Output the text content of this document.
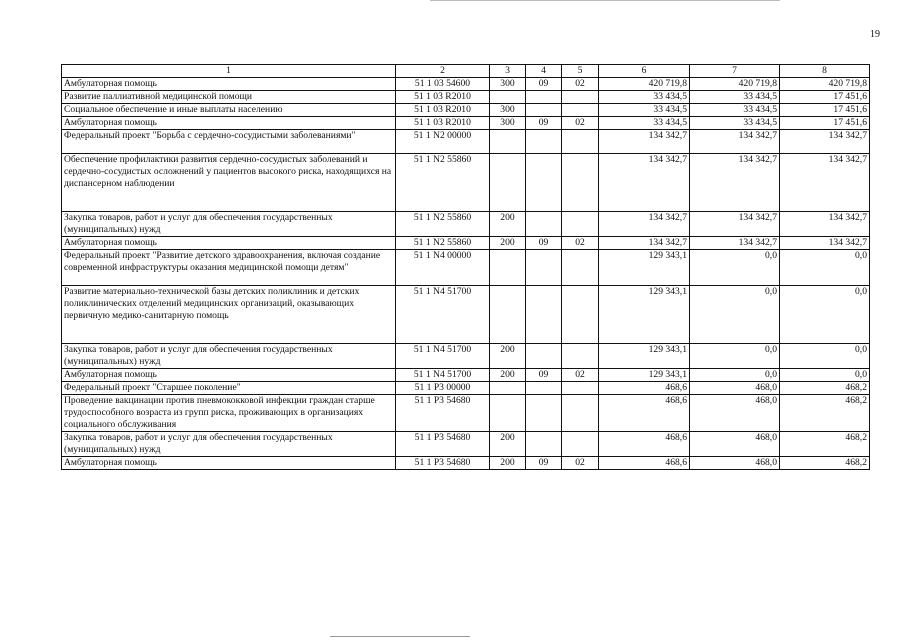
19
1	2	3	4	5	6	7	8
Амбулаторная помощь	51 1 03 54600	300	09	02	420 719,8	420 719,8	420 719,8
Развитие паллиативной медицинской помощи	51 1 03 R2010				33 434,5	33 434,5	17 451,6
Социальное обеспечение и иные выплаты населению	51 1 03 R2010	300			33 434,5	33 434,5	17 451,6
Амбулаторная помощь	51 1 03 R2010	300	09	02	33 434,5	33 434,5	17 451,6
Федеральный проект "Борьба с сердечно-сосудистыми заболеваниями"	51 1 N2 00000				134 342,7	134 342,7	134 342,7
Обеспечение профилактики развития сердечно-сосудистых заболеваний и сердечно-сосудистых осложнений у пациентов высокого риска, находящихся на диспансерном наблюдении	51 1 N2 55860				134 342,7	134 342,7	134 342,7
Закупка товаров, работ и услуг для обеспечения государственных (муниципальных) нужд	51 1 N2 55860	200			134 342,7	134 342,7	134 342,7
Амбулаторная помощь	51 1 N2 55860	200	09	02	134 342,7	134 342,7	134 342,7
Федеральный проект "Развитие детского здравоохранения, включая создание современной инфраструктуры оказания медицинской помощи детям"	51 1 N4 00000				129 343,1	0,0	0,0
Развитие материально-технической базы детских поликлиник и детских поликлинических отделений медицинских организаций, оказывающих первичную медико-санитарную помощь	51 1 N4 51700				129 343,1	0,0	0,0
Закупка товаров, работ и услуг для обеспечения государственных (муниципальных) нужд	51 1 N4 51700	200			129 343,1	0,0	0,0
Амбулаторная помощь	51 1 N4 51700	200	09	02	129 343,1	0,0	0,0
Федеральный проект "Старшее поколение"	51 1 P3 00000				468,6	468,0	468,2
Проведение вакцинации против пневмококковой инфекции граждан старше трудоспособного возраста из групп риска, проживающих в организациях социального обслуживания	51 1 P3 54680				468,6	468,0	468,2
Закупка товаров, работ и услуг для обеспечения государственных (муниципальных) нужд	51 1 P3 54680	200			468,6	468,0	468,2
Амбулаторная помощь	51 1 P3 54680	200	09	02	468,6	468,0	468,2
